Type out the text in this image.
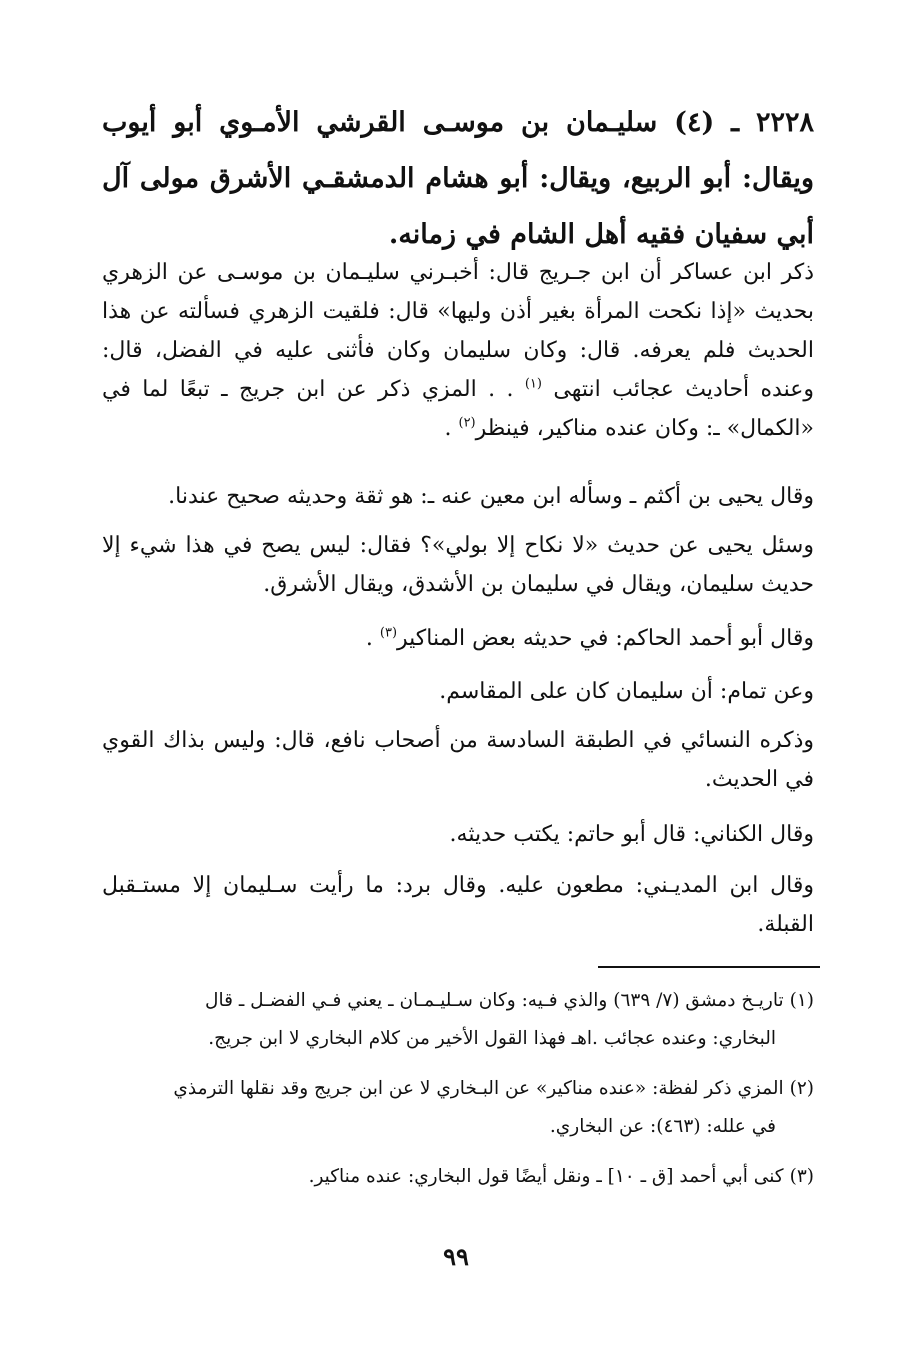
٢٢٢٨ ـ (٤) سليـمان بن موسـى القرشي الأمـوي أبو أيوب ويقال: أبو الربيع، ويقال: أبو هشام الدمشقـي الأشرق مولى آل أبي سفيان فقيه أهل الشام في زمانه.
ذكر ابن عساكر أن ابن جـريج قال: أخبـرني سليـمان بن موسـى عن الزهري بحديث «إذا نكحت المرأة بغير أذن وليها» قال: فلقيت الزهري فسألته عن هذا الحديث فلم يعرفه. قال: وكان سليمان وكان فأثنى عليه في الفضل، قال: وعنده أحاديث عجائب انتهى $^{(١)}$ . . المزي ذكر عن ابن جريج ـ تبعًا لما في «الكمال» ـ: وكان عنده مناكير، فينظر$^{(٢)}$ .
وقال يحيى بن أكثم ـ وسأله ابن معين عنه ـ: هو ثقة وحديثه صحيح عندنا.
وسئل يحيى عن حديث «لا نكاح إلا بولي»؟ فقال: ليس يصح في هذا شيء إلا حديث سليمان، ويقال في سليمان بن الأشدق، ويقال الأشرق.
وقال أبو أحمد الحاكم: في حديثه بعض المناكير$^{(٣)}$ .
وعن تمام: أن سليمان كان على المقاسم.
وذكره النسائي في الطبقة السادسة من أصحاب نافع، قال: وليس بذاك القوي في الحديث.
وقال الكناني: قال أبو حاتم: يكتب حديثه.
وقال ابن المديـني: مطعون عليه. وقال برد: ما رأيت سـليمان إلا مستـقبل القبلة.
(١)تاريـخ دمشق (٧/ ٦٣٩) والذي فـيه: وكان سـليـمـان ـ يعني فـي الفضـل ـ قال
البخاري: وعنده عجائب .اهـ فهذا القول الأخير من كلام البخاري لا ابن جريج.
(٢)المزي ذكر لفظة: «عنده مناكير» عن البـخاري لا عن ابن جريج وقد نقلها الترمذي
في علله: (٤٦٣): عن البخاري.
(٣)كنى أبي أحمد [ق ـ ١٠] ـ ونقل أيضًا قول البخاري: عنده مناكير.
٩٩
